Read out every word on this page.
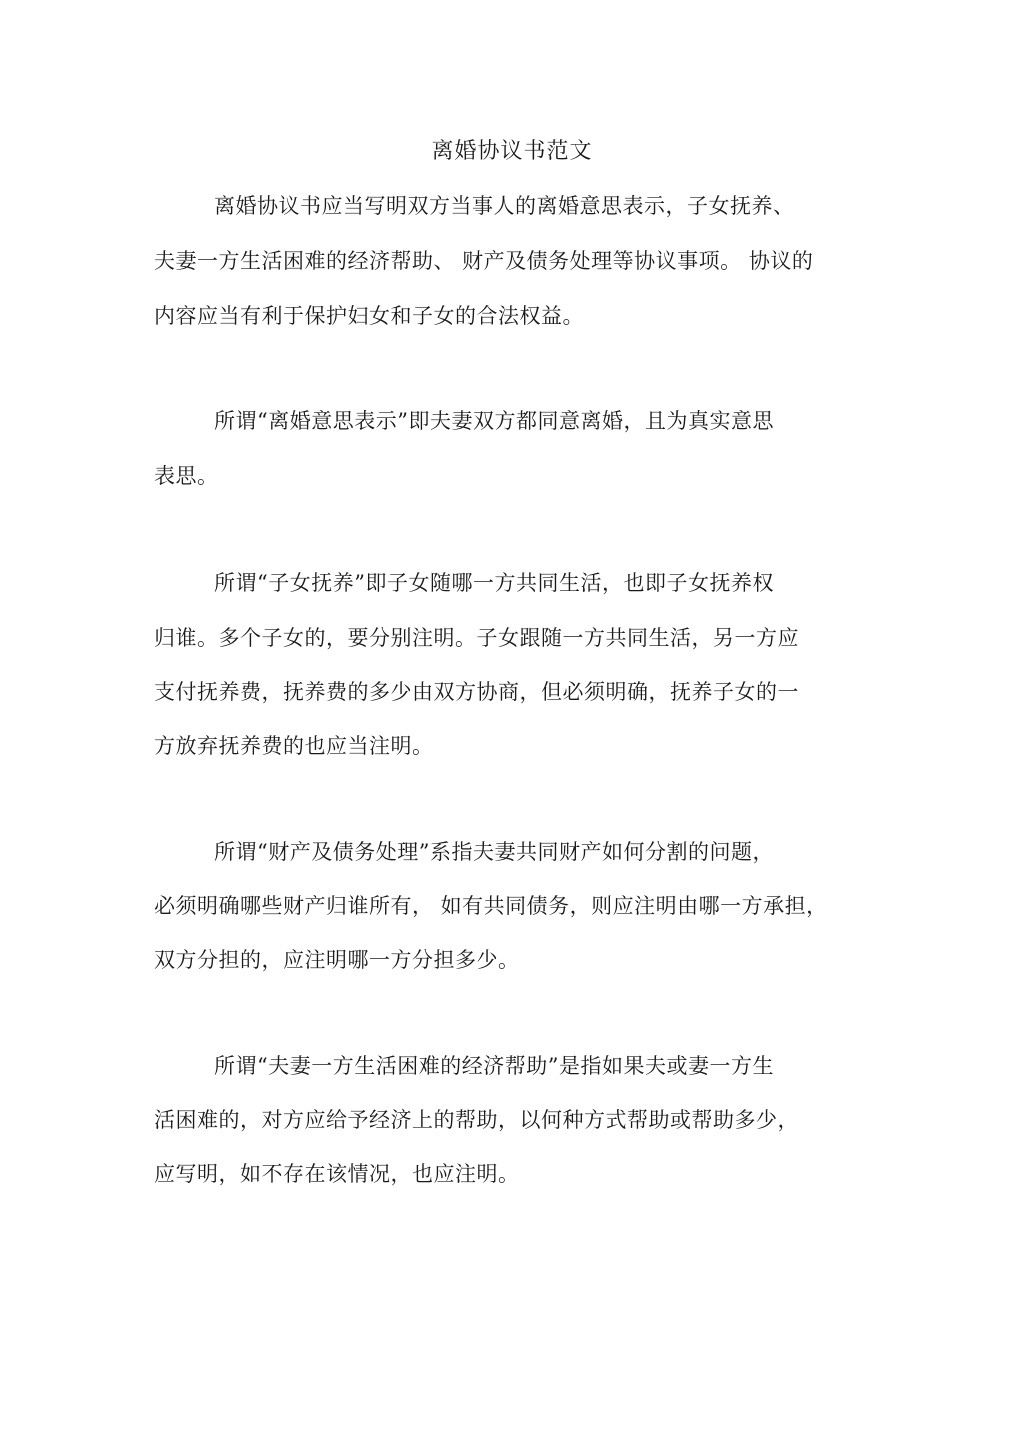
离婚协议书范文
离婚协议书应当写明双方当事人的离婚意思表示，子女抚养、
夫妻一方生活困难的经济帮助、 财产及债务处理等协议事项。 协议的
内容应当有利于保护妇女和子女的合法权益。
所谓“离婚意思表示”即夫妻双方都同意离婚，且为真实意思
表思。
所谓“子女抚养”即子女随哪一方共同生活，也即子女抚养权
归谁。多个子女的，要分别注明。子女跟随一方共同生活，另一方应
支付抚养费，抚养费的多少由双方协商，但必须明确，抚养子女的一
方放弃抚养费的也应当注明。
所谓“财产及债务处理”系指夫妻共同财产如何分割的问题，
必须明确哪些财产归谁所有， 如有共同债务，则应注明由哪一方承担，
双方分担的，应注明哪一方分担多少。
所谓“夫妻一方生活困难的经济帮助”是指如果夫或妻一方生
活困难的，对方应给予经济上的帮助，以何种方式帮助或帮助多少，
应写明，如不存在该情况，也应注明。
